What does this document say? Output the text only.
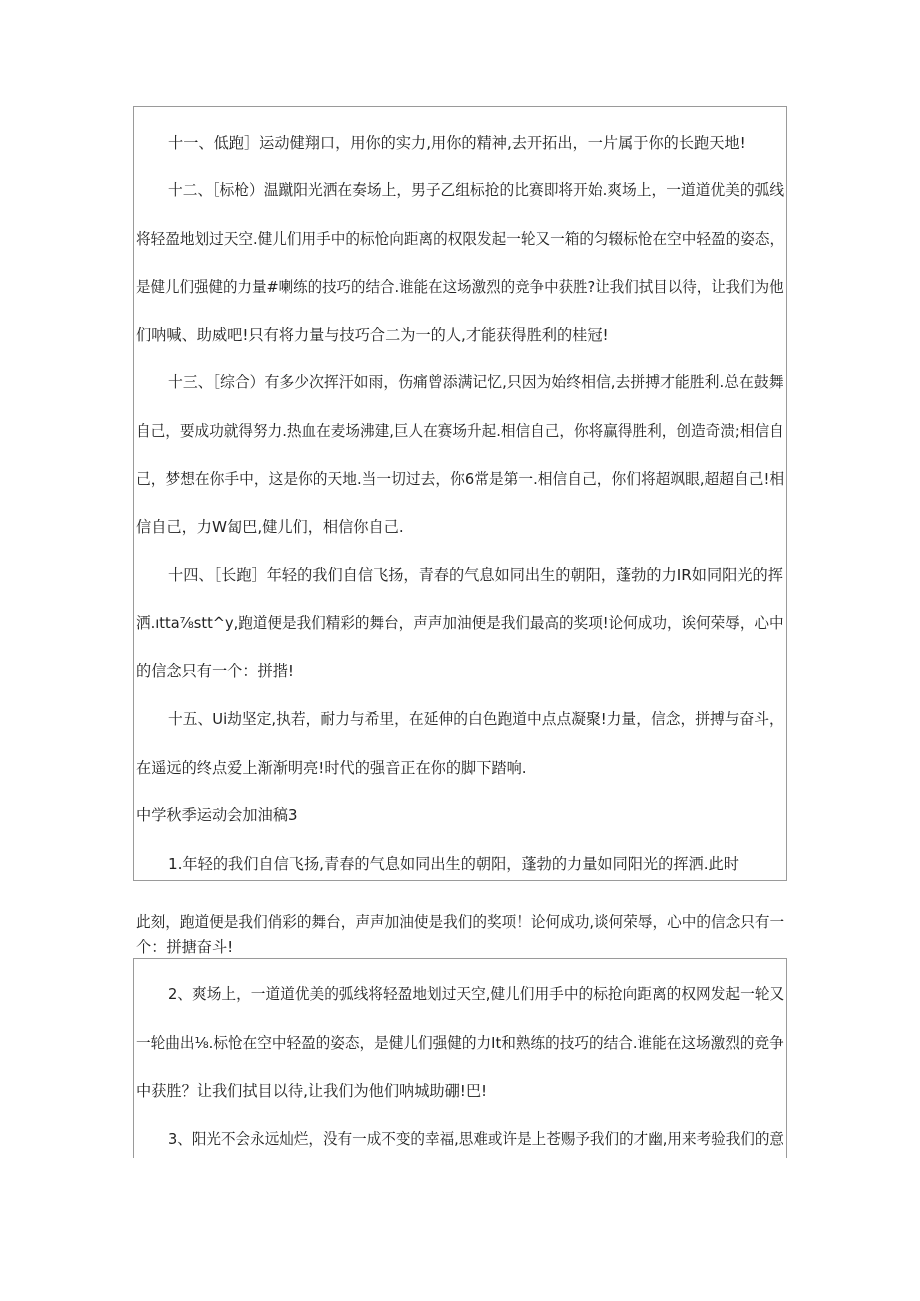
十一、低跑］运动健翔口，用你的实力,用你的精神,去开拓出，一片属于你的长跑天地!
十二、［标枪）温蹴阳光洒在奏场上，男子乙组标抢的比赛即将开始.爽场上，一道道优美的弧线
将轻盈地划过天空.健儿们用手中的标怆向距离的权限发起一轮又一箱的匀辍标怆在空中轻盈的姿态，
是健儿们强健的力量#喇练的技巧的结合.谁能在这场激烈的竞争中获胜?让我们拭目以待，让我们为他
们呐喊、助威吧!只有将力量与技巧合二为一的人,才能获得胜利的桂冠!
十三、［综合）有多少次挥汗如雨，伤痛曾添满记忆,只因为始终相信,去拼搏才能胜利.总在鼓舞
自己，要成功就得努力.热血在麦场沸建,巨人在赛场升起.相信自己，你将赢得胜利，创造奇溃;相信自
己，梦想在你手中，这是你的天地.当一切过去，你6常是第一.相信自己，你们将超飒眼,超超自己!相
信自己，力W匐巴,健儿们，相信你自己.
十四、［长跑］年轻的我们自信飞扬，青春的气息如同出生的朝阳，蓬勃的力IR如同阳光的挥
洒.ıtta⅞stt^y,跑道便是我们精彩的舞台，声声加油便是我们最高的奖项!论何成功，诶何荣辱，心中
的信念只有一个：拼揩!
十五、Ui劫坚定,执若，耐力与希里，在延伸的白色跑道中点点凝聚!力量，信念，拼搏与奋斗，
在遥远的终点爱上渐渐明亮!时代的强音正在你的脚下踏响.
中学秋季运动会加油稿3
1.年轻的我们自信飞扬,青春的气息如同出生的朝阳，蓬勃的力量如同阳光的挥洒.此时
此刻，跑道便是我们俏彩的舞台，声声加油使是我们的奖项！论何成功,谈何荣辱，心中的信念只有一
个：拼搪奋斗!
2、爽场上，一道道优美的弧线将轻盈地划过天空,健儿们用手中的标抢向距离的权网发起一轮又
一轮曲出⅛.标怆在空中轻盈的姿态，是健儿们强健的力It和熟练的技巧的结合.谁能在这场激烈的竞争
中获胜？让我们拭目以待,让我们为他们呐城助硼!巴!
3、阳光不会永远灿烂，没有一成不变的幸福,思难或许是上苍赐予我们的才幽,用来考验我们的意
